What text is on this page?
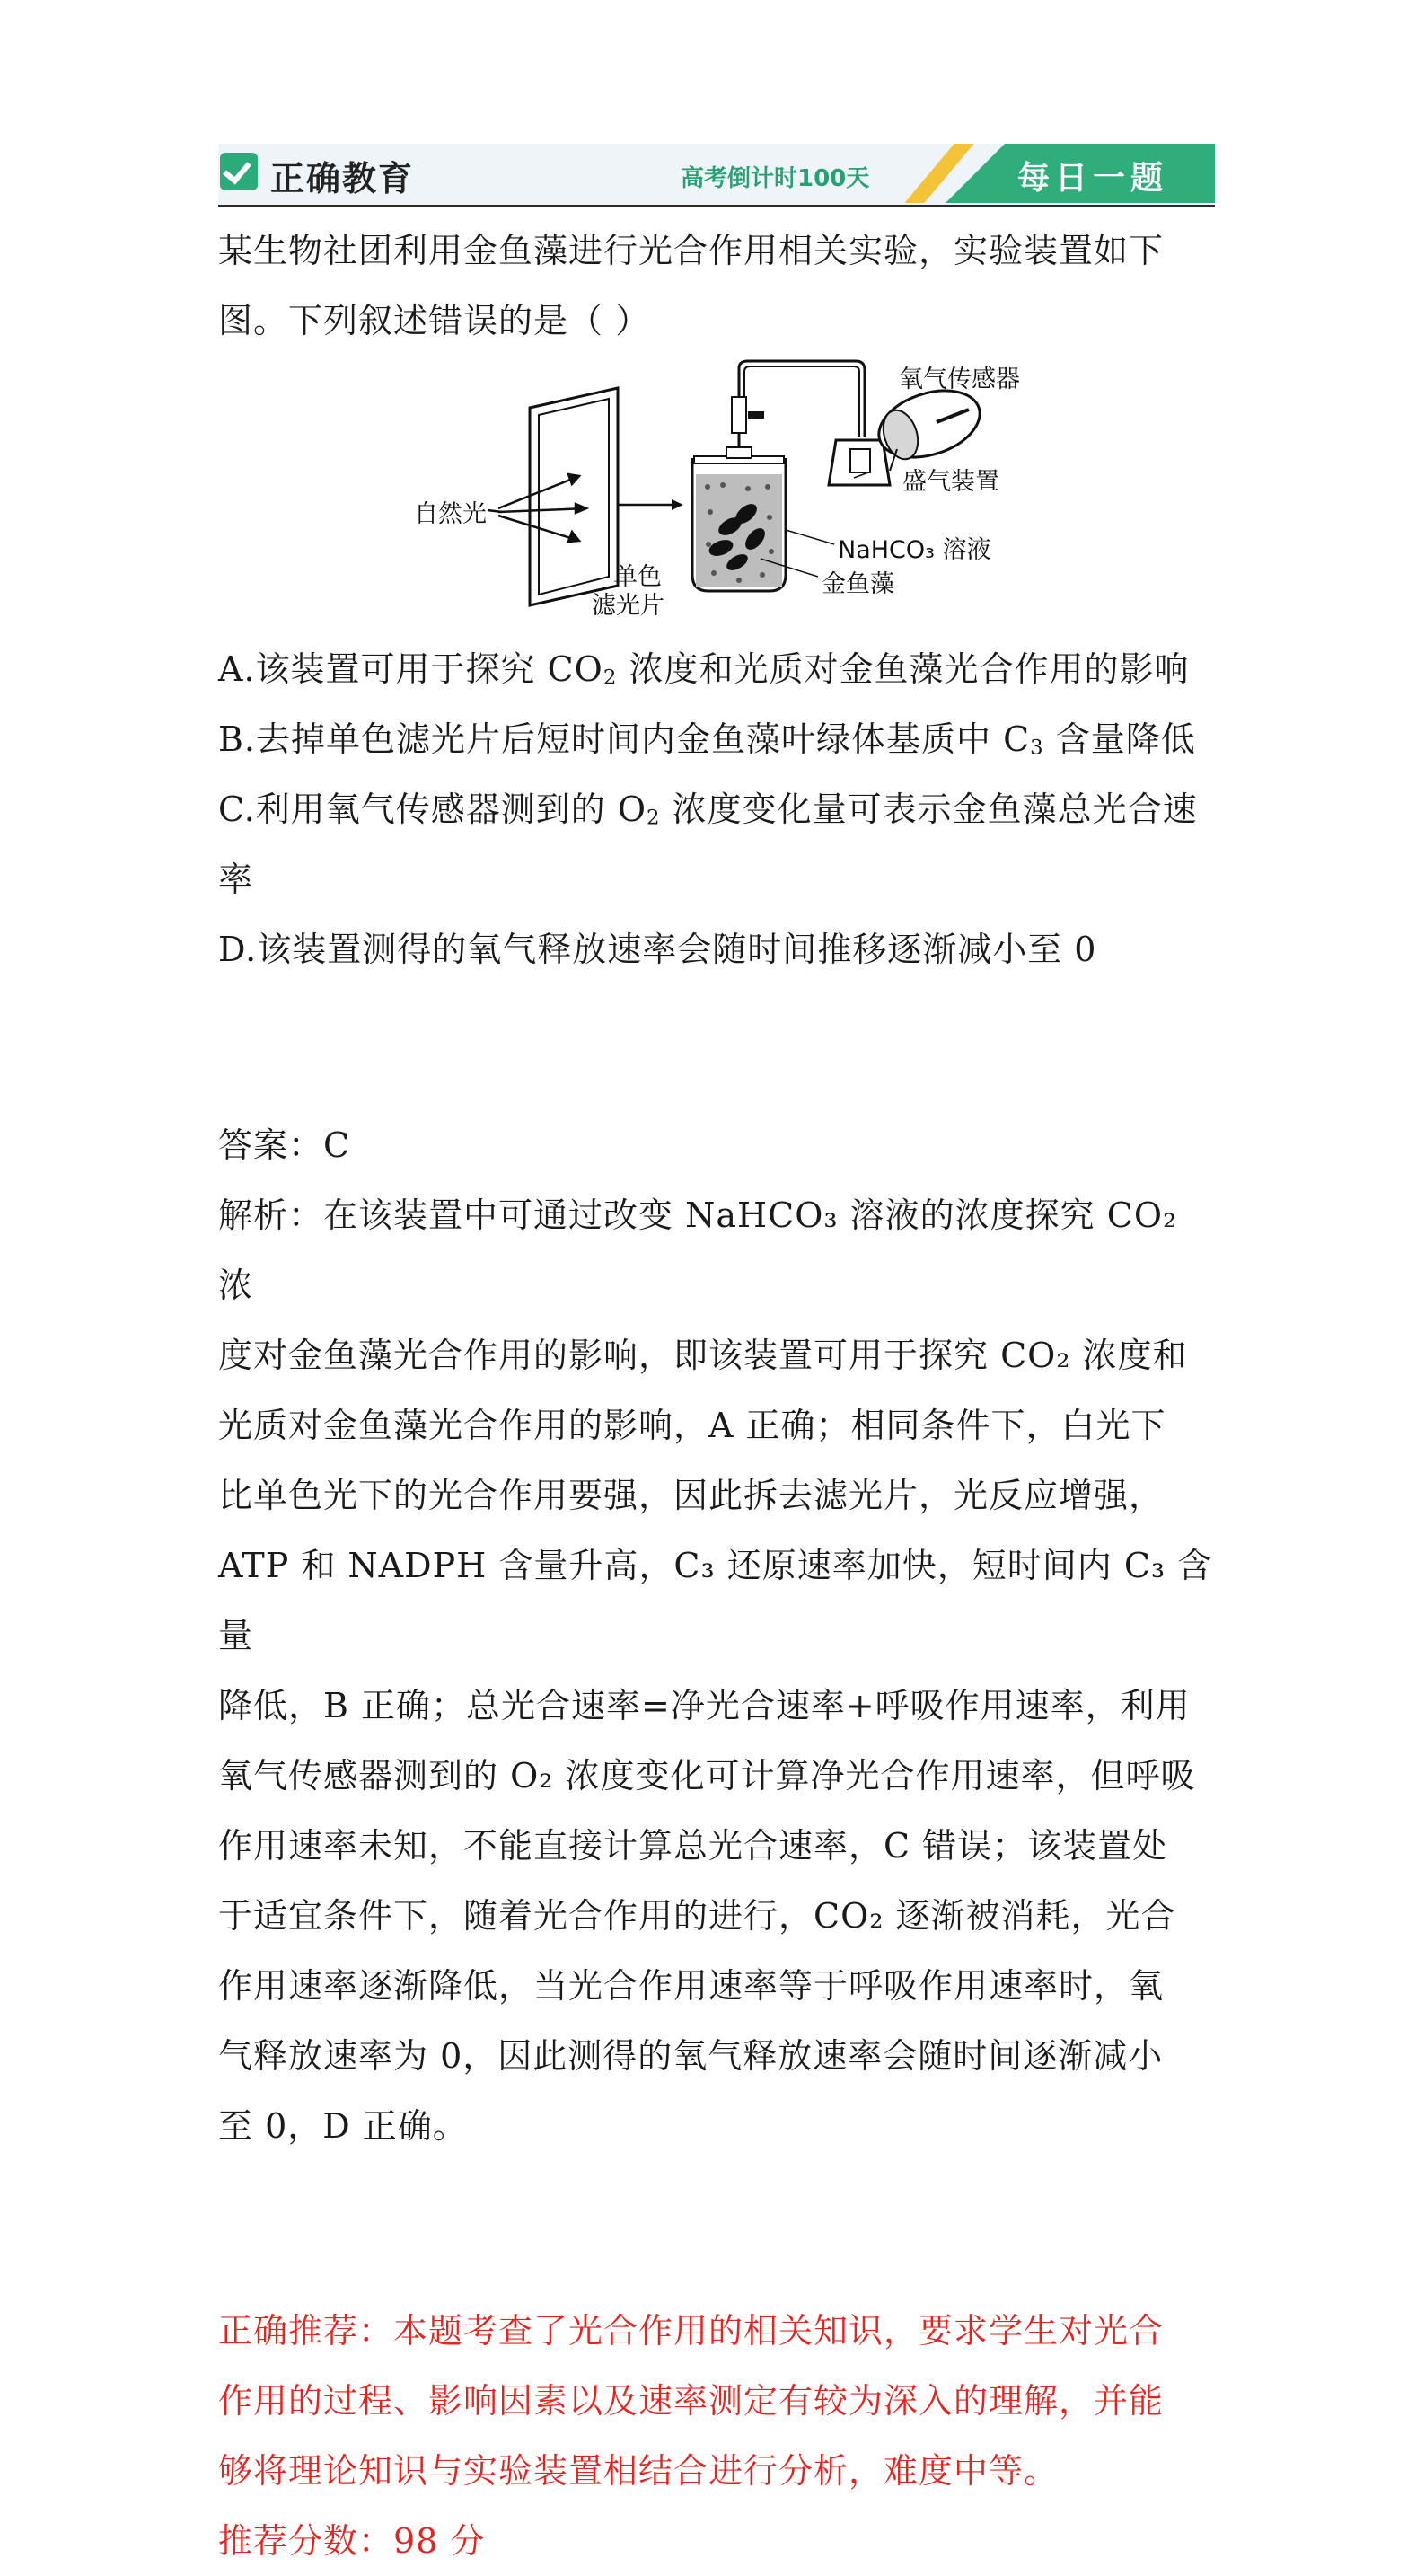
正确教育	高考倒计时100天	每日一题

某生物社团利用金鱼藻进行光合作用相关实验，实验装置如下

图。下列叙述错误的是（ ）

自然光
单色
滤光片
氧气传感器
盛气装置
NaHCO₃ 溶液
金鱼藻

A.该装置可用于探究 $CO_2$ 浓度和光质对金鱼藻光合作用的影响

B.去掉单色滤光片后短时间内金鱼藻叶绿体基质中 $C_3$ 含量降低

C.利用氧气传感器测到的 $O_2$ 浓度变化量可表示金鱼藻总光合速

率

D.该装置测得的氧气释放速率会随时间推移逐渐减小至 0

答案：C

解析：在该装置中可通过改变 NaHCO₃ 溶液的浓度探究 CO₂ 浓

度对金鱼藻光合作用的影响，即该装置可用于探究 CO₂ 浓度和

光质对金鱼藻光合作用的影响，A 正确；相同条件下，白光下

比单色光下的光合作用要强，因此拆去滤光片，光反应增强，

ATP 和 NADPH 含量升高，C₃ 还原速率加快，短时间内 C₃ 含量

降低，B 正确；总光合速率=净光合速率+呼吸作用速率，利用

氧气传感器测到的 O₂ 浓度变化可计算净光合作用速率，但呼吸

作用速率未知，不能直接计算总光合速率，C 错误；该装置处

于适宜条件下，随着光合作用的进行，CO₂ 逐渐被消耗，光合

作用速率逐渐降低，当光合作用速率等于呼吸作用速率时，氧

气释放速率为 0，因此测得的氧气释放速率会随时间逐渐减小

至 0，D 正确。

正确推荐：本题考查了光合作用的相关知识，要求学生对光合

作用的过程、影响因素以及速率测定有较为深入的理解，并能

够将理论知识与实验装置相结合进行分析，难度中等。

推荐分数：98 分
